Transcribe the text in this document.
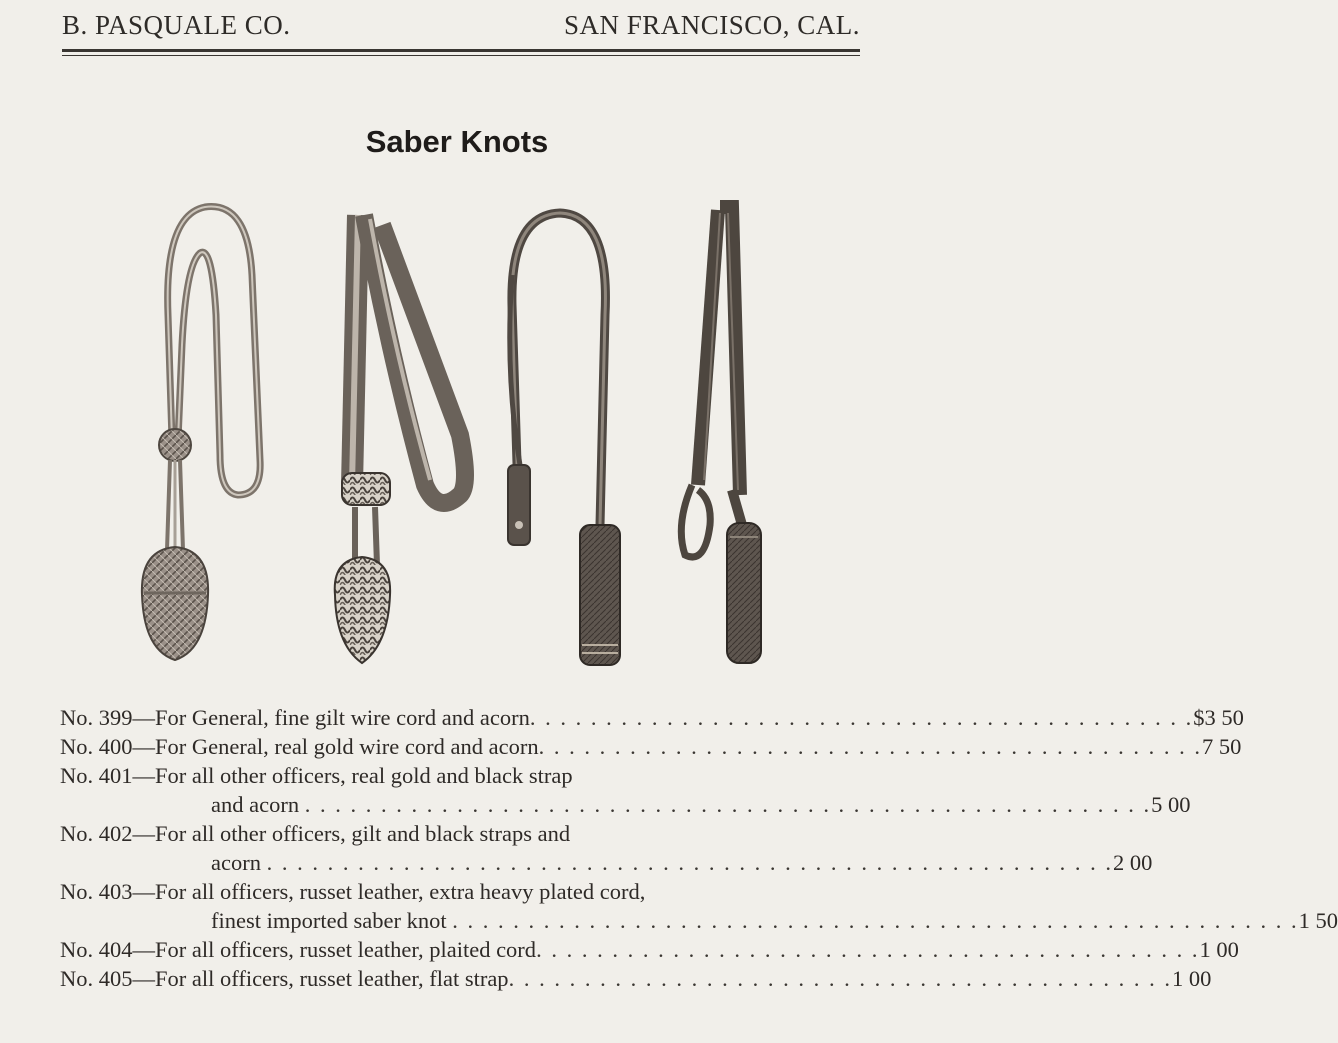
B. PASQUALE CO.	SAN FRANCISCO, CAL.
Saber Knots
No. 399 —For General, fine gilt wire cord and acorn . . . . . . . . . . . . . . . . . . . . . . . . . . . . . . . . . . . . . . . . . . . . $3 50
No. 400 —For General, real gold wire cord and acorn . . . . . . . . . . . . . . . . . . . . . . . . . . . . . . . . . . . . . . . . . . . . 7 50
No. 401 —For all other officers, real gold and black strap
and acorn . . . . . . . . . . . . . . . . . . . . . . . . . . . . . . . . . . . . . . . . . . . . . . . . . . . . . . . . 5 00
No. 402 —For all other officers, gilt and black straps and
acorn . . . . . . . . . . . . . . . . . . . . . . . . . . . . . . . . . . . . . . . . . . . . . . . . . . . . . . . . 2 00
No. 403 —For all officers, russet leather, extra heavy plated cord,
finest imported saber knot . . . . . . . . . . . . . . . . . . . . . . . . . . . . . . . . . . . . . . . . . . . . . . . . . . . . . . . . 1 50
No. 404 —For all officers, russet leather, plaited cord . . . . . . . . . . . . . . . . . . . . . . . . . . . . . . . . . . . . . . . . . . . . 1 00
No. 405 —For all officers, russet leather, flat strap . . . . . . . . . . . . . . . . . . . . . . . . . . . . . . . . . . . . . . . . . . . . 1 00
